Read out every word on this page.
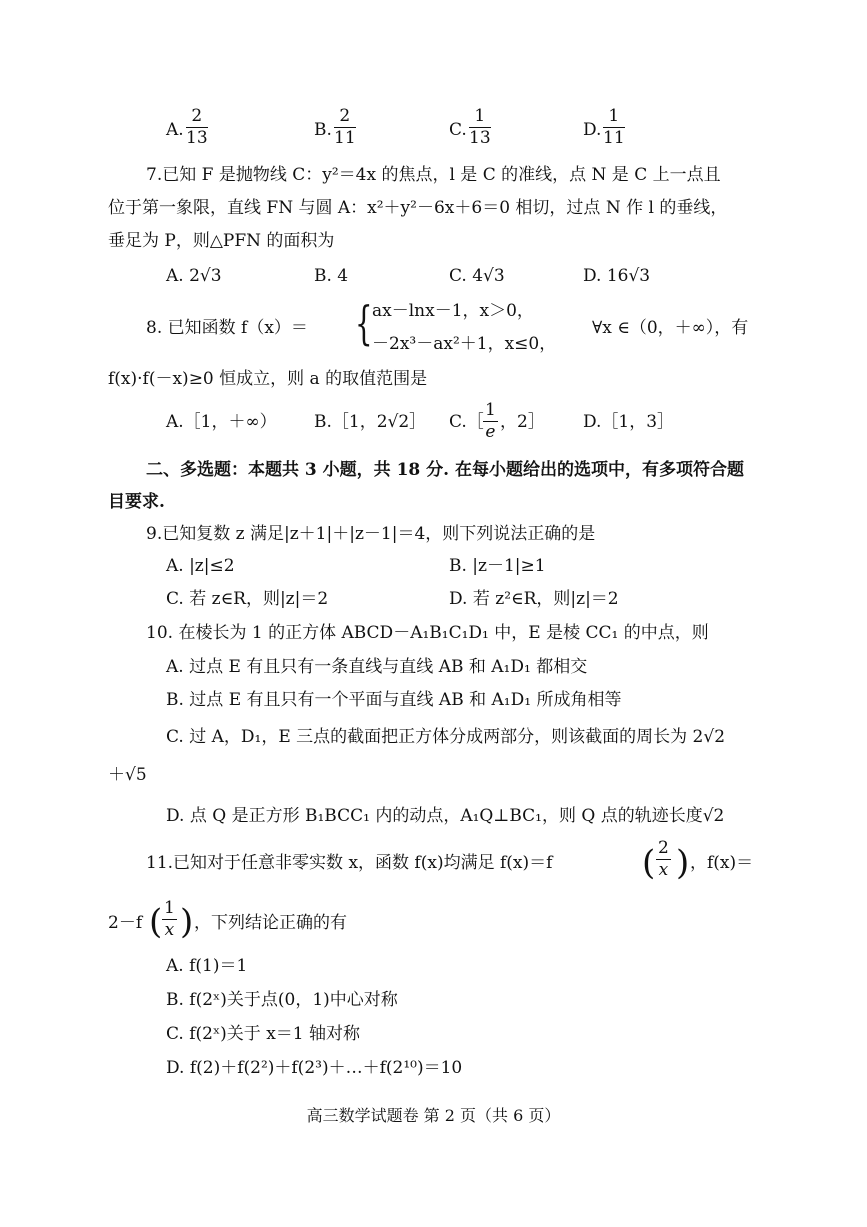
A. $\frac{2}{13}$	B. $\frac{2}{11}$	C. $\frac{1}{13}$	D. $\frac{1}{11}$
7.已知 F 是抛物线 C：y²＝4x 的焦点，l 是 C 的准线，点 N 是 C 上一点且
位于第一象限，直线 FN 与圆 A：x²＋y²－6x＋6＝0 相切，过点 N 作 l 的垂线，
垂足为 P，则△PFN 的面积为
A. 2√3	B. 4	C. 4√3	D. 16√3
8. 已知函数 f（x）＝ { ax－lnx－1，x＞0，
－2x³－ax²＋1，x≤0，
∀x ∈（0，＋∞），有
f(x)·f(－x)≥0 恒成立，则 a 的取值范围是
A.［1，＋∞） B.［1，2√2］ C.［ $\frac{1}{e}$ ，2］ D.［1，3］
二、多选题：本题共 3 小题，共 18 分. 在每小题给出的选项中，有多项符合题
目要求.
9.已知复数 z 满足|z＋1|＋|z－1|＝4，则下列说法正确的是
A. |z|≤2	B. |z－1|≥1
C. 若 z∈R，则|z|＝2	D. 若 z²∈R，则|z|＝2
10. 在棱长为 1 的正方体 ABCD－A₁B₁C₁D₁ 中，E 是棱 CC₁ 的中点，则
A. 过点 E 有且只有一条直线与直线 AB 和 A₁D₁ 都相交
B. 过点 E 有且只有一个平面与直线 AB 和 A₁D₁ 所成角相等
C. 过 A，D₁，E 三点的截面把正方体分成两部分，则该截面的周长为 2√2
＋√5
D. 点 Q 是正方形 B₁BCC₁ 内的动点，A₁Q⊥BC₁，则 Q 点的轨迹长度√2
11.已知对于任意非零实数 x，函数 f(x)均满足 f(x)＝f	( $\frac{2}{x}$ ) ，f(x)＝
2－f ( $\frac{1}{x}$ ) ，下列结论正确的有
A. f(1)＝1
B. f(2ˣ)关于点(0，1)中心对称
C. f(2ˣ)关于 x＝1 轴对称
D. f(2)＋f(2²)＋f(2³)＋…＋f(2¹⁰)＝10
高三数学试题卷 第 2 页（共 6 页）
